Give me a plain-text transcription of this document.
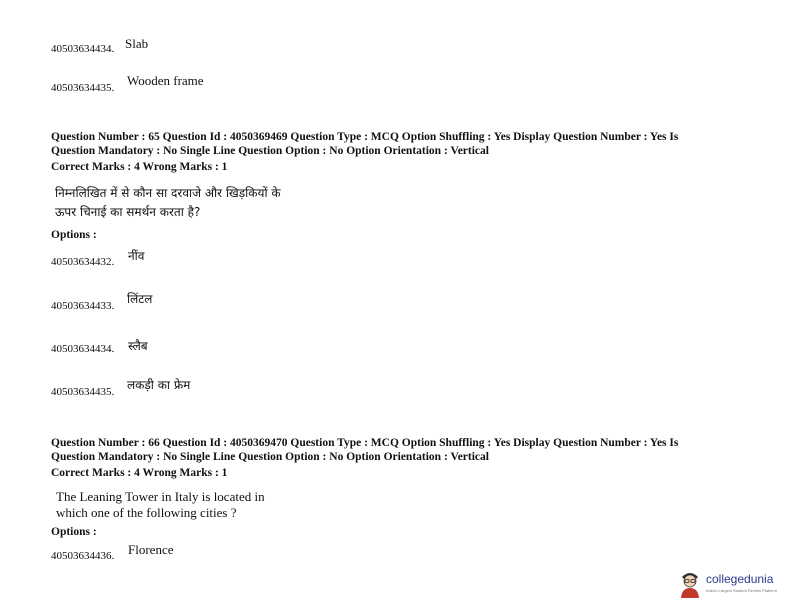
40503634434. Slab
40503634435. Wooden frame
Question Number : 65 Question Id : 4050369469 Question Type : MCQ Option Shuffling : Yes Display Question Number : Yes Is
Question Mandatory : No Single Line Question Option : No Option Orientation : Vertical
Correct Marks : 4 Wrong Marks : 1
निम्नलिखित में से कौन सा दरवाजे और खिड़कियों के
ऊपर चिनाई का समर्थन करता है?
Options :
40503634432. नींव
40503634433. लिंटल
40503634434. स्लैब
40503634435. लकड़ी का फ्रेम
Question Number : 66 Question Id : 4050369470 Question Type : MCQ Option Shuffling : Yes Display Question Number : Yes Is
Question Mandatory : No Single Line Question Option : No Option Orientation : Vertical
Correct Marks : 4 Wrong Marks : 1
The Leaning Tower in Italy is located in
which one of the following cities ?
Options :
40503634436. Florence
collegedunia
India's Largest Student Review Platform
